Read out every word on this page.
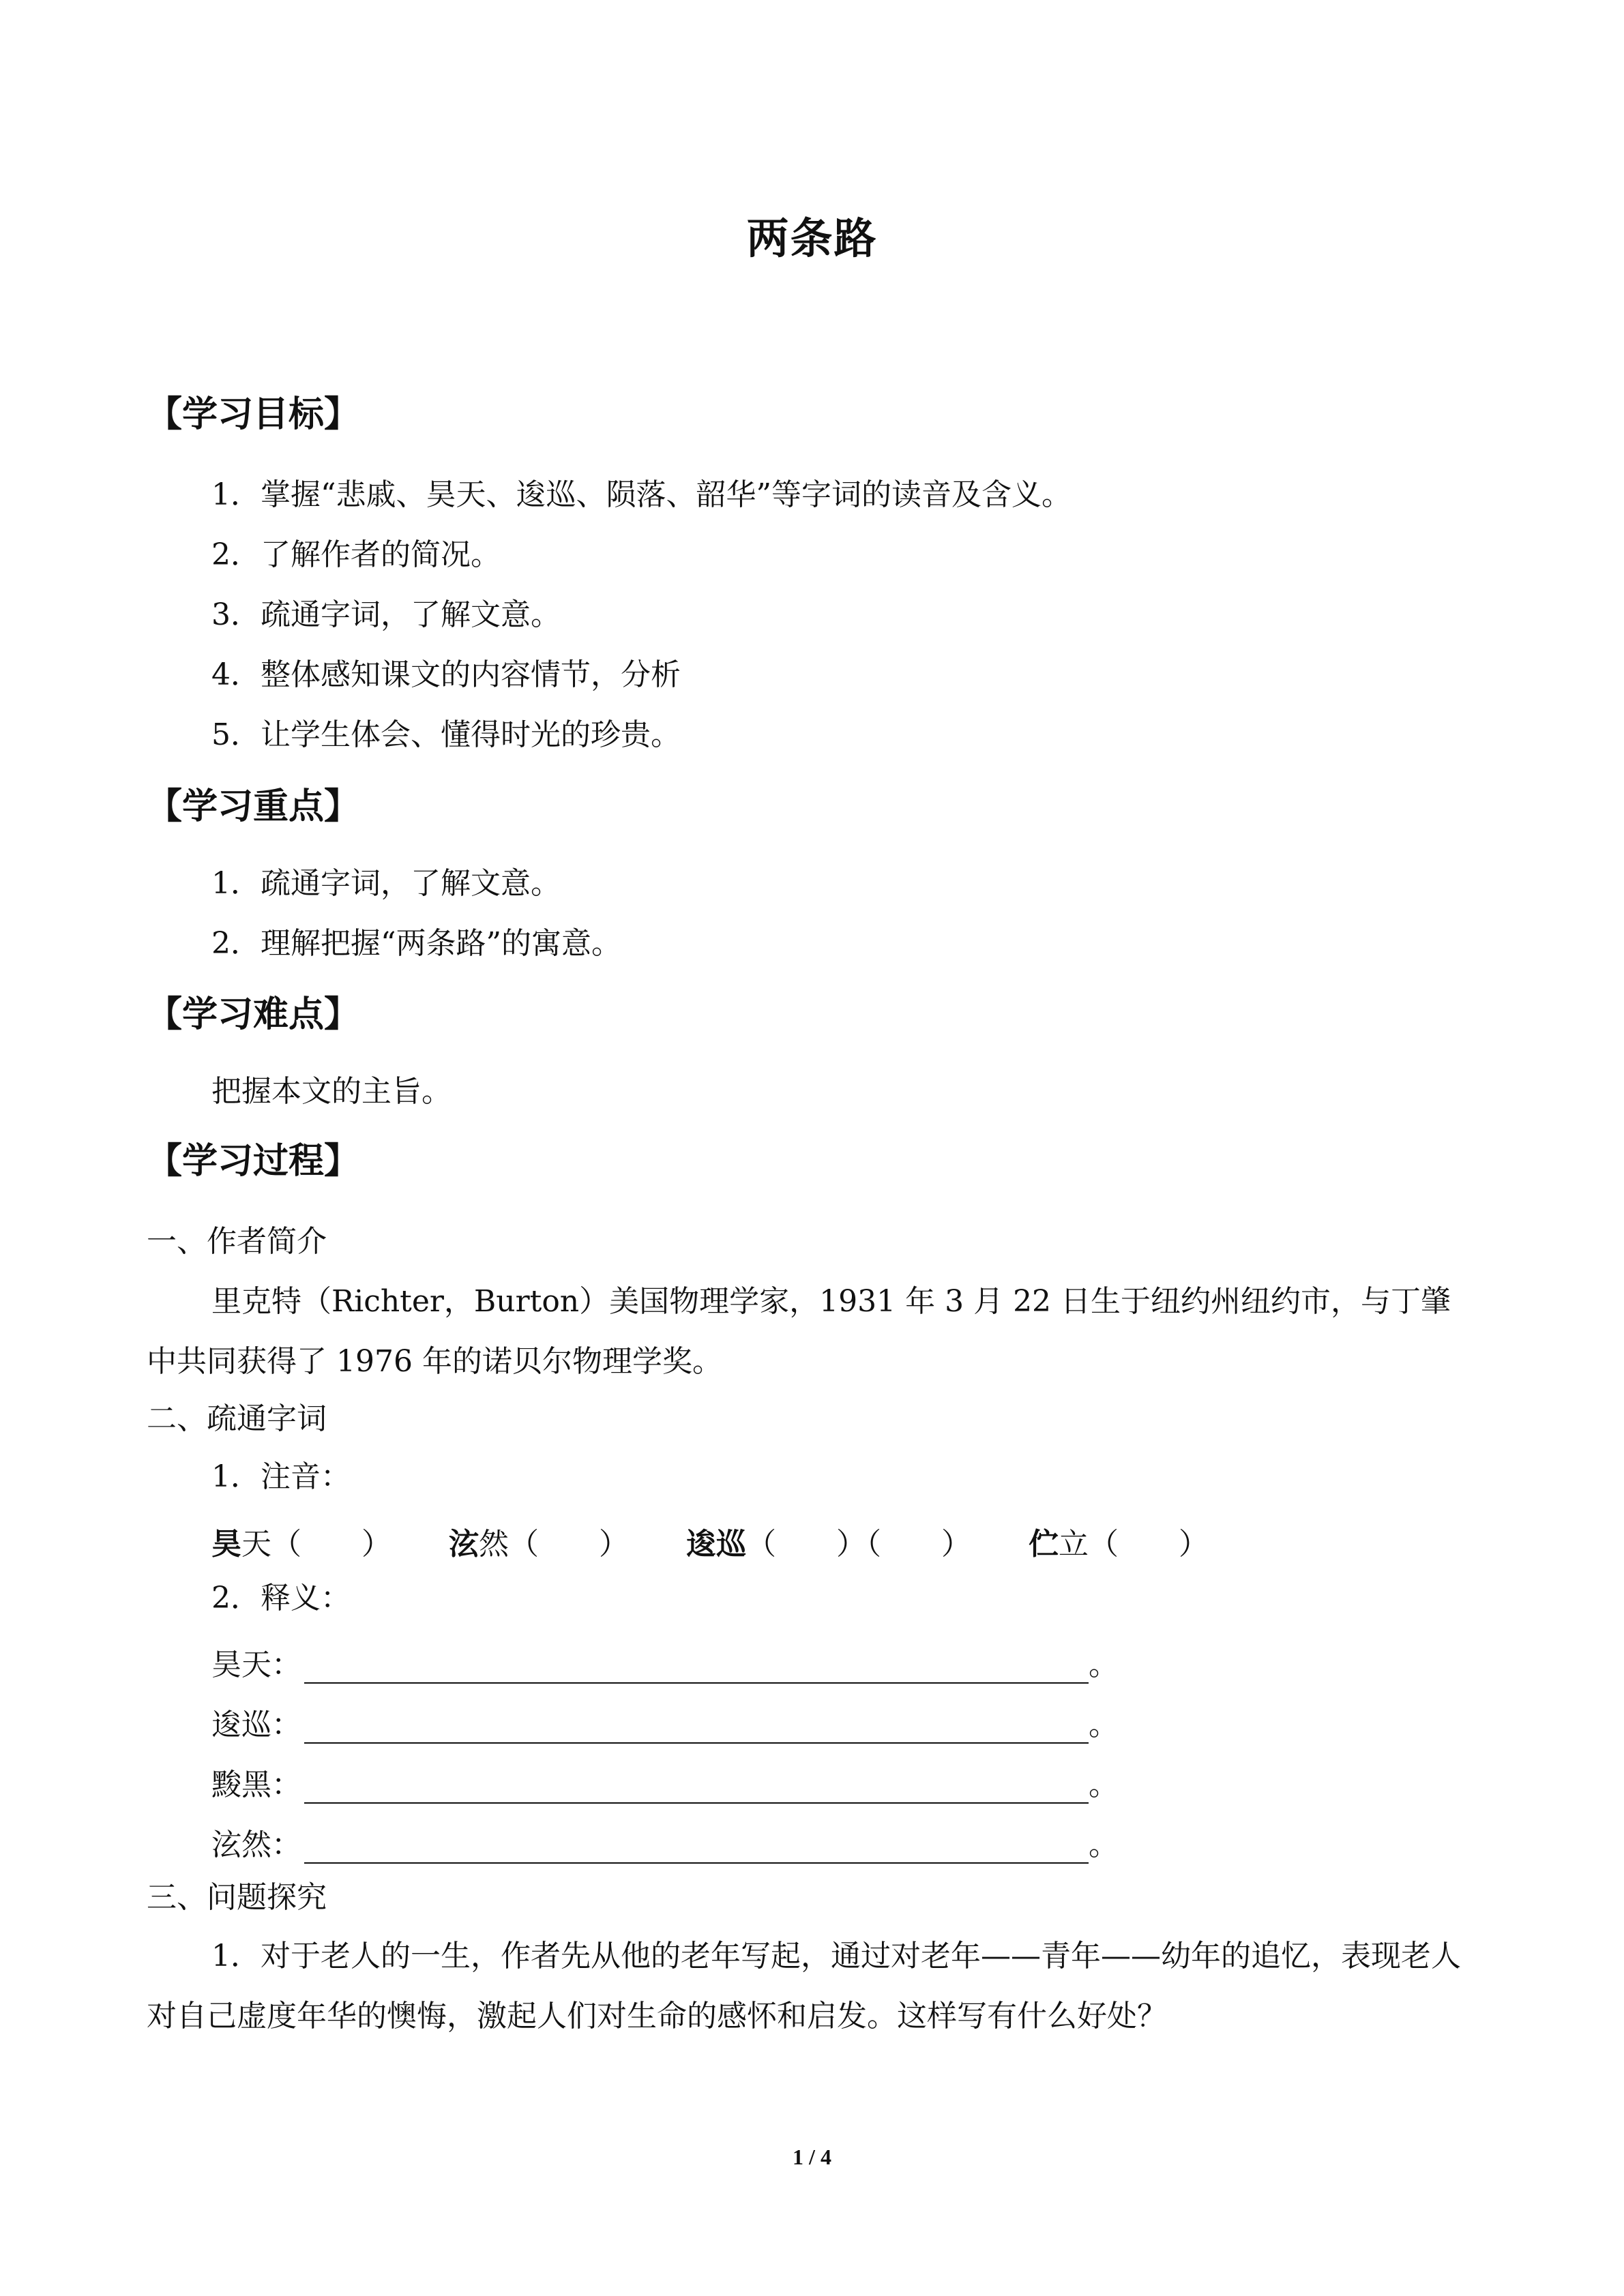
两条路
【学习目标】
1．掌握“悲戚、昊天、逡巡、陨落、韶华”等字词的读音及含义。
2．了解作者的简况。
3．疏通字词，了解文意。
4．整体感知课文的内容情节，分析
5．让学生体会、懂得时光的珍贵。
【学习重点】
1．疏通字词，了解文意。
2．理解把握“两条路”的寓意。
【学习难点】
把握本文的主旨。
【学习过程】
一、作者简介
里克特（Richter，Burton）美国物理学家，1931 年 3 月 22 日生于纽约州纽约市，与丁肇中共同获得了 1976 年的诺贝尔物理学奖。
二、疏通字词
1．注音：
昊天（　　） 泫然（　　） 逡巡（　　）（　　） 伫立（　　）
2．释义：
昊天：	。
逡巡：	。
黢黑：	。
泫然：	。
三、问题探究
1．对于老人的一生，作者先从他的老年写起，通过对老年——青年——幼年的追忆，表现老人对自己虚度年华的懊悔，激起人们对生命的感怀和启发。这样写有什么好处？
1 / 4
